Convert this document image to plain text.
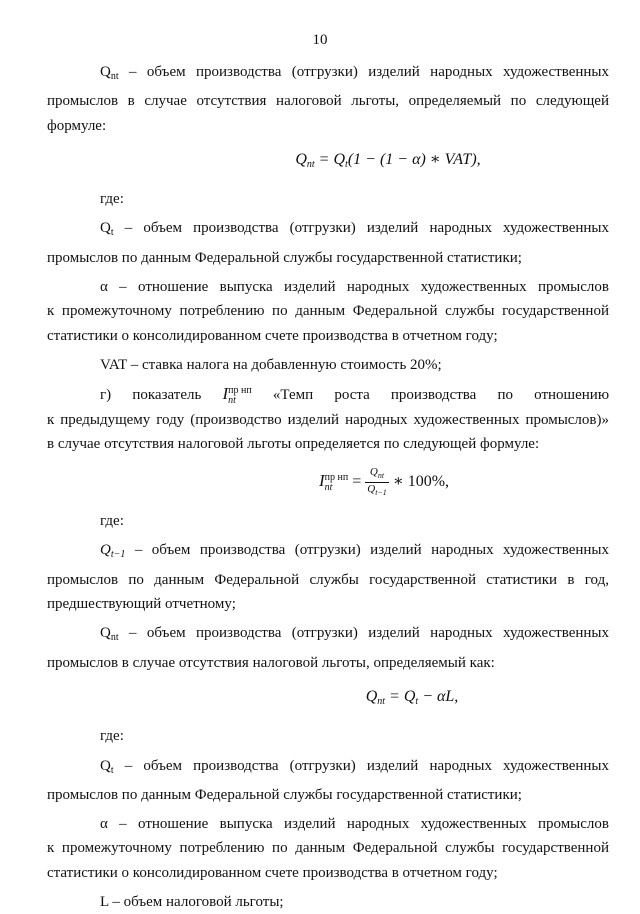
10
$Q_{nt}$ – объем производства (отгрузки) изделий народных художественных
промыслов в случае отсутствия налоговой льготы, определяемый по следующей
формуле:
$Q_{nt} = Q_t(1 - (1 - \alpha)$ ∗ VAT),
где:
$Q_t$ – объем производства (отгрузки) изделий народных художественных
промыслов по данным Федеральной службы государственной статистики;
α – отношение выпуска изделий народных художественных промыслов
к промежуточному потреблению по данным Федеральной службы государственной
статистики о консолидированном счете производства в отчетном году;
VAT – ставка налога на добавленную стоимость 20%;
г) показатель I пр нп
nt	«Темп роста производства по отношению
к предыдущему году (производство изделий народных художественных промыслов)»
в случае отсутствия налоговой льготы определяется по следующей формуле:
I пр нп
nt = $\frac{Q_{nt}}{Q_{t-1}}$ ∗ 100%,
где:
$Q_{t-1}$ – объем производства (отгрузки) изделий народных художественных
промыслов по данным Федеральной службы государственной статистики в год,
предшествующий отчетному;
$Q_{nt}$ – объем производства (отгрузки) изделий народных художественных
промыслов в случае отсутствия налоговой льготы, определяемый как:
$Q_{nt} = Q_t - \alpha L$,
где:
$Q_t$ – объем производства (отгрузки) изделий народных художественных
промыслов по данным Федеральной службы государственной статистики;
α – отношение выпуска изделий народных художественных промыслов
к промежуточному потреблению по данным Федеральной службы государственной
статистики о консолидированном счете производства в отчетном году;
L – объем налоговой льготы;
